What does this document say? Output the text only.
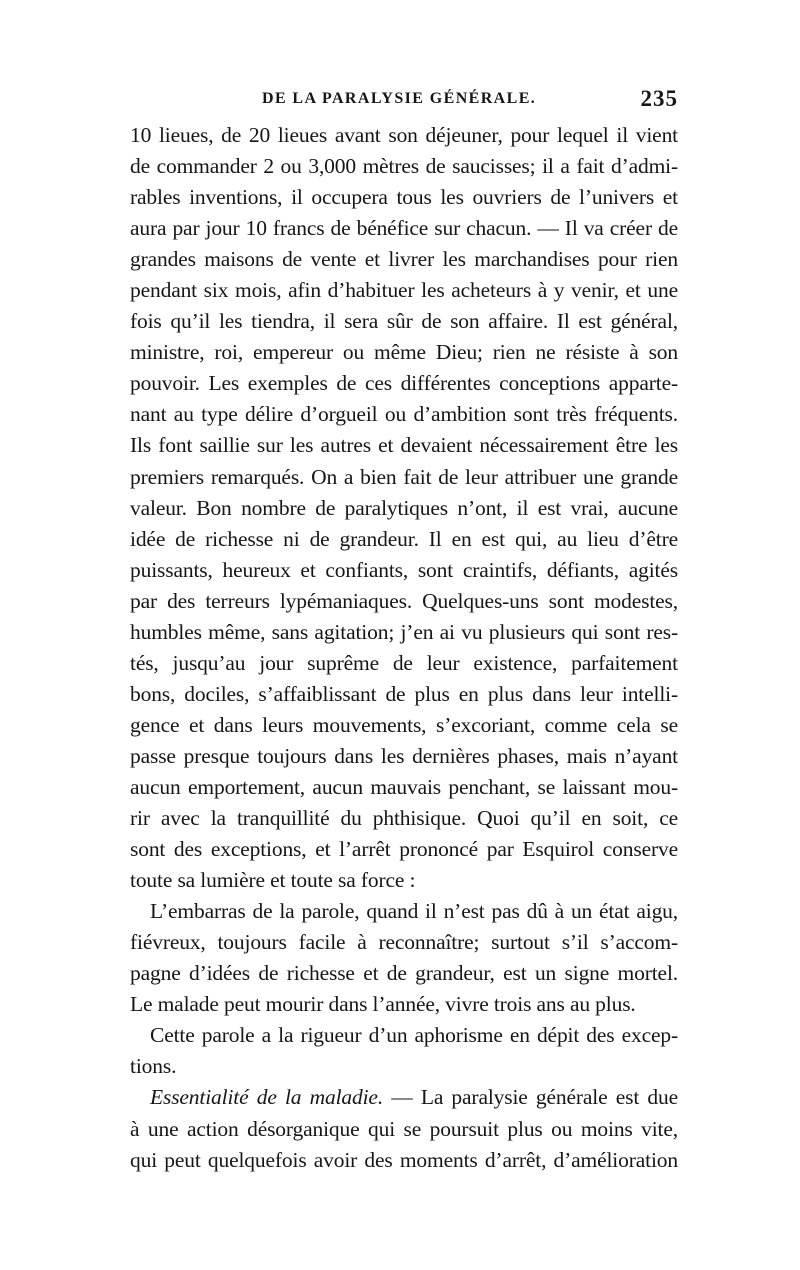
DE LA PARALYSIE GÉNÉRALE.	235
10 lieues, de 20 lieues avant son déjeuner, pour lequel il vient
de commander 2 ou 3,000 mètres de saucisses; il a fait d’admi-
rables inventions, il occupera tous les ouvriers de l’univers et
aura par jour 10 francs de bénéfice sur chacun. — Il va créer de
grandes maisons de vente et livrer les marchandises pour rien
pendant six mois, afin d’habituer les acheteurs à y venir, et une
fois qu’il les tiendra, il sera sûr de son affaire. Il est général,
ministre, roi, empereur ou même Dieu; rien ne résiste à son
pouvoir. Les exemples de ces différentes conceptions apparte-
nant au type délire d’orgueil ou d’ambition sont très fréquents.
Ils font saillie sur les autres et devaient nécessairement être les
premiers remarqués. On a bien fait de leur attribuer une grande
valeur. Bon nombre de paralytiques n’ont, il est vrai, aucune
idée de richesse ni de grandeur. Il en est qui, au lieu d’être
puissants, heureux et confiants, sont craintifs, défiants, agités
par des terreurs lypémaniaques. Quelques-uns sont modestes,
humbles même, sans agitation; j’en ai vu plusieurs qui sont res-
tés, jusqu’au jour suprême de leur existence, parfaitement
bons, dociles, s’affaiblissant de plus en plus dans leur intelli-
gence et dans leurs mouvements, s’excoriant, comme cela se
passe presque toujours dans les dernières phases, mais n’ayant
aucun emportement, aucun mauvais penchant, se laissant mou-
rir avec la tranquillité du phthisique. Quoi qu’il en soit, ce
sont des exceptions, et l’arrêt prononcé par Esquirol conserve
toute sa lumière et toute sa force :
L’embarras de la parole, quand il n’est pas dû à un état aigu,
fiévreux, toujours facile à reconnaître; surtout s’il s’accom-
pagne d’idées de richesse et de grandeur, est un signe mortel.
Le malade peut mourir dans l’année, vivre trois ans au plus.
Cette parole a la rigueur d’un aphorisme en dépit des excep-
tions.
Essentialité de la maladie. — La paralysie générale est due
à une action désorganique qui se poursuit plus ou moins vite,
qui peut quelquefois avoir des moments d’arrêt, d’amélioration
